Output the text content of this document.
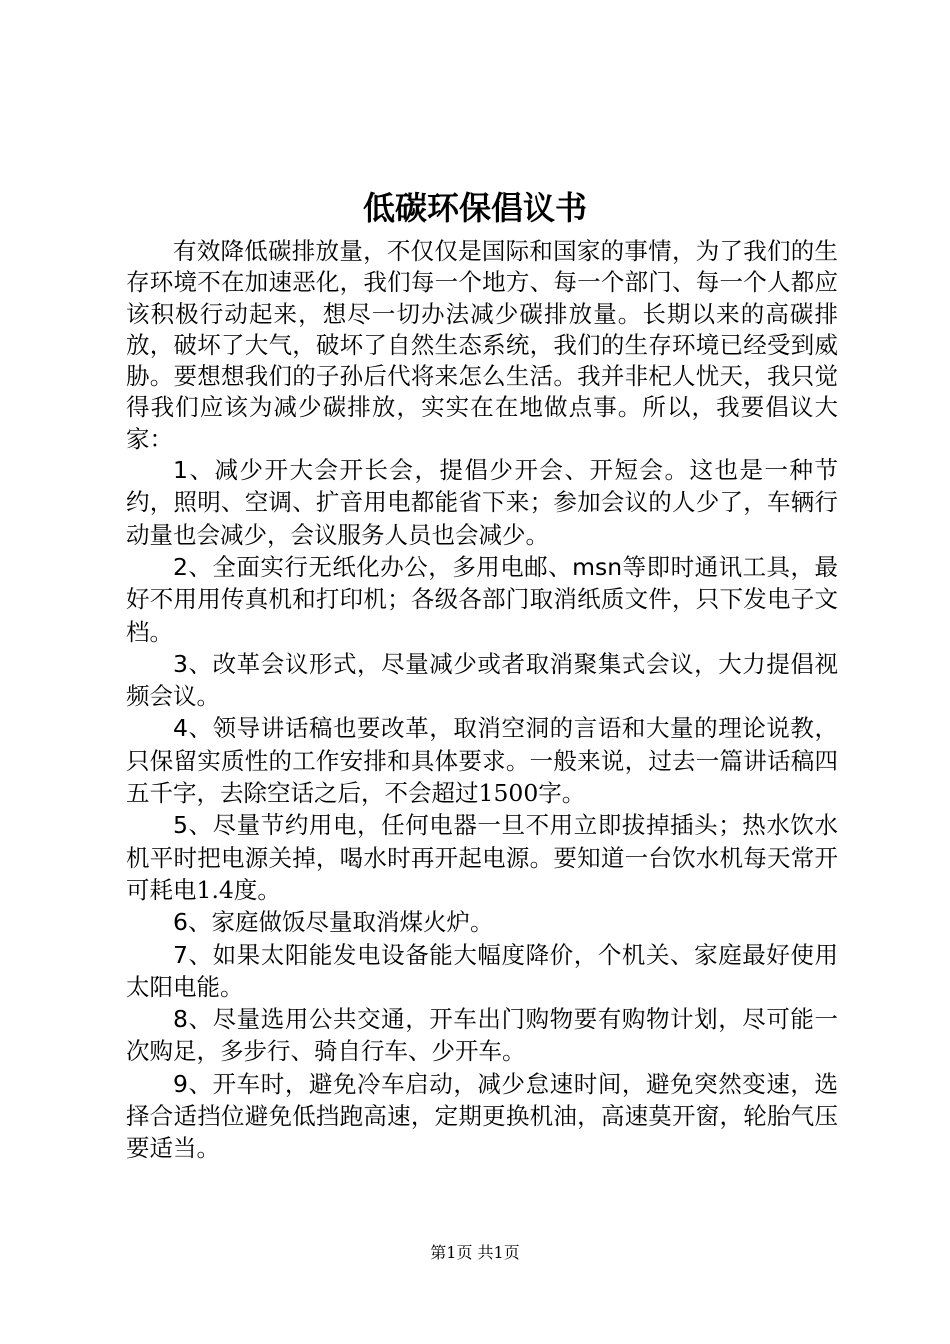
低碳环保倡议书

有效降低碳排放量，不仅仅是国际和国家的事情，为了我们的生存环境不在加速恶化，我们每一个地方、每一个部门、每一个人都应该积极行动起来，想尽一切办法减少碳排放量。长期以来的高碳排放，破坏了大气，破坏了自然生态系统，我们的生存环境已经受到威胁。要想想我们的子孙后代将来怎么生活。我并非杞人忧天，我只觉得我们应该为减少碳排放，实实在在地做点事。所以，我要倡议大家：

1、减少开大会开长会，提倡少开会、开短会。这也是一种节约，照明、空调、扩音用电都能省下来；参加会议的人少了，车辆行动量也会减少，会议服务人员也会减少。

2、全面实行无纸化办公，多用电邮、msn等即时通讯工具，最好不用用传真机和打印机；各级各部门取消纸质文件，只下发电子文档。

3、改革会议形式，尽量减少或者取消聚集式会议，大力提倡视频会议。

4、领导讲话稿也要改革，取消空洞的言语和大量的理论说教，只保留实质性的工作安排和具体要求。一般来说，过去一篇讲话稿四五千字，去除空话之后，不会超过1500字。

5、尽量节约用电，任何电器一旦不用立即拔掉插头；热水饮水机平时把电源关掉，喝水时再开起电源。要知道一台饮水机每天常开可耗电1.4度。

6、家庭做饭尽量取消煤火炉。

7、如果太阳能发电设备能大幅度降价，个机关、家庭最好使用太阳电能。

8、尽量选用公共交通，开车出门购物要有购物计划，尽可能一次购足，多步行、骑自行车、少开车。

9、开车时，避免冷车启动，减少怠速时间，避免突然变速，选择合适挡位避免低挡跑高速，定期更换机油，高速莫开窗，轮胎气压要适当。

第1页 共1页
